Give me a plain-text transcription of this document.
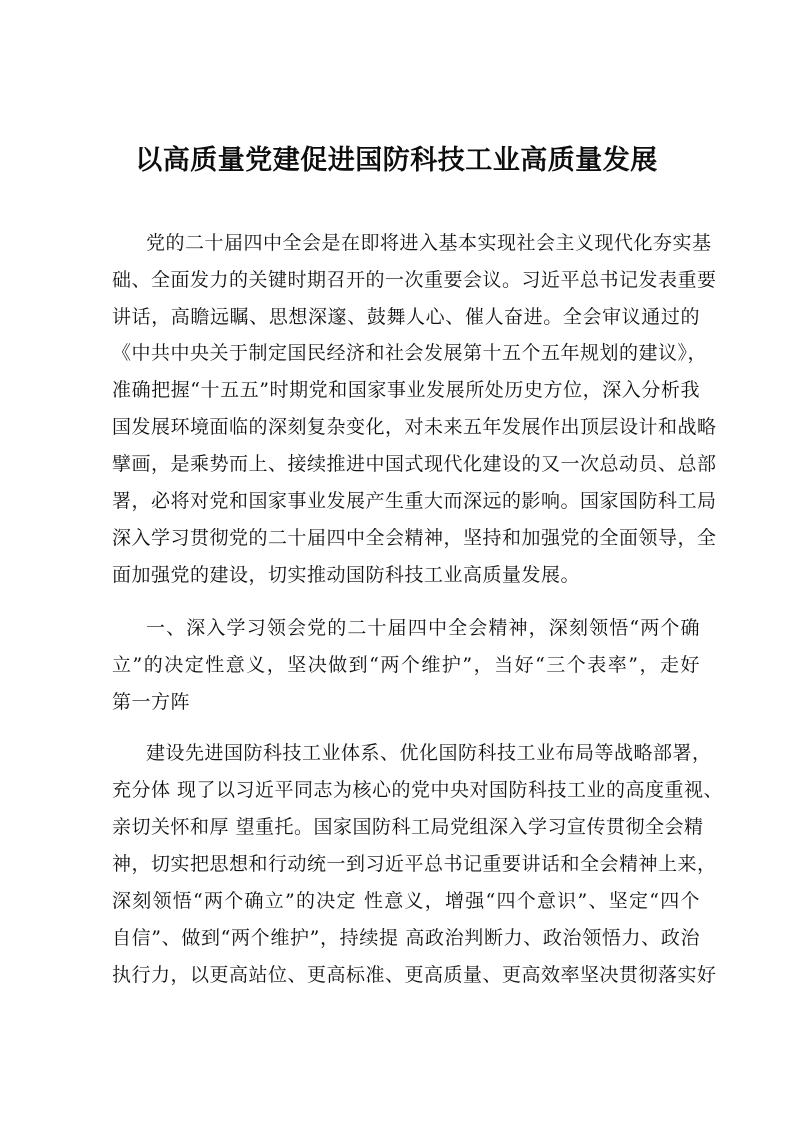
以高质量党建促进国防科技工业高质量发展
党的二十届四中全会是在即将进入基本实现社会主义现代化夯实基
础、全面发力的关键时期召开的一次重要会议。习近平总书记发表重要
讲话，高瞻远瞩、思想深邃、鼓舞人心、催人奋进。全会审议通过的
《中共中央关于制定国民经济和社会发展第十五个五年规划的建议》，
准确把握“十五五”时期党和国家事业发展所处历史方位，深入分析我
国发展环境面临的深刻复杂变化，对未来五年发展作出顶层设计和战略
擘画，是乘势而上、接续推进中国式现代化建设的又一次总动员、总部
署，必将对党和国家事业发展产生重大而深远的影响。国家国防科工局
深入学习贯彻党的二十届四中全会精神，坚持和加强党的全面领导，全
面加强党的建设，切实推动国防科技工业高质量发展。
一、深入学习领会党的二十届四中全会精神，深刻领悟“两个确
立”的决定性意义，坚决做到“两个维护”，当好“三个表率”，走好
第一方阵
建设先进国防科技工业体系、优化国防科技工业布局等战略部署，
充分体 现了以习近平同志为核心的党中央对国防科技工业的高度重视、
亲切关怀和厚 望重托。国家国防科工局党组深入学习宣传贯彻全会精
神，切实把思想和行动统一到习近平总书记重要讲话和全会精神上来，
深刻领悟“两个确立”的决定 性意义，增强“四个意识”、坚定“四个
自信”、做到“两个维护”，持续提 高政治判断力、政治领悟力、政治
执行力，以更高站位、更高标准、更高质量、更高效率坚决贯彻落实好
